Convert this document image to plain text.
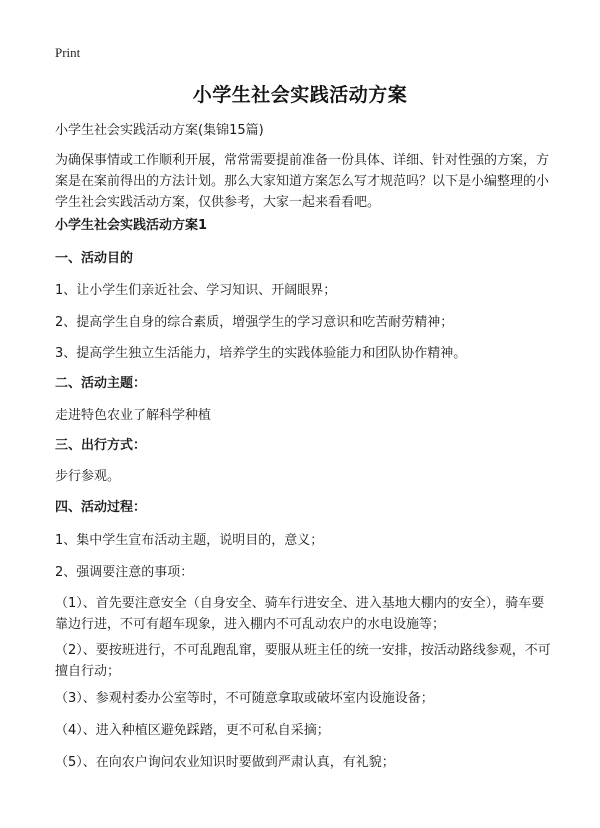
Print
小学生社会实践活动方案
小学生社会实践活动方案(集锦15篇)
为确保事情或工作顺利开展，常常需要提前准备一份具体、详细、针对性强的方案，方案是在案前得出的方法计划。那么大家知道方案怎么写才规范吗？以下是小编整理的小学生社会实践活动方案，仅供参考，大家一起来看看吧。
小学生社会实践活动方案1
一、活动目的
1、让小学生们亲近社会、学习知识、开阔眼界；
2、提高学生自身的综合素质，增强学生的学习意识和吃苦耐劳精神；
3、提高学生独立生活能力，培养学生的实践体验能力和团队协作精神。
二、活动主题：
走进特色农业了解科学种植
三、出行方式：
步行参观。
四、活动过程：
1、集中学生宣布活动主题，说明目的，意义；
2、强调要注意的事项：
（1）、首先要注意安全（自身安全、骑车行进安全、进入基地大棚内的安全），骑车要靠边行进，不可有超车现象，进入棚内不可乱动农户的水电设施等；
（2）、要按班进行，不可乱跑乱窜，要服从班主任的统一安排，按活动路线参观，不可擅自行动；
（3）、参观村委办公室等时，不可随意拿取或破坏室内设施设备；
（4）、进入种植区避免踩踏，更不可私自采摘；
（5）、在向农户询问农业知识时要做到严肃认真，有礼貌；
